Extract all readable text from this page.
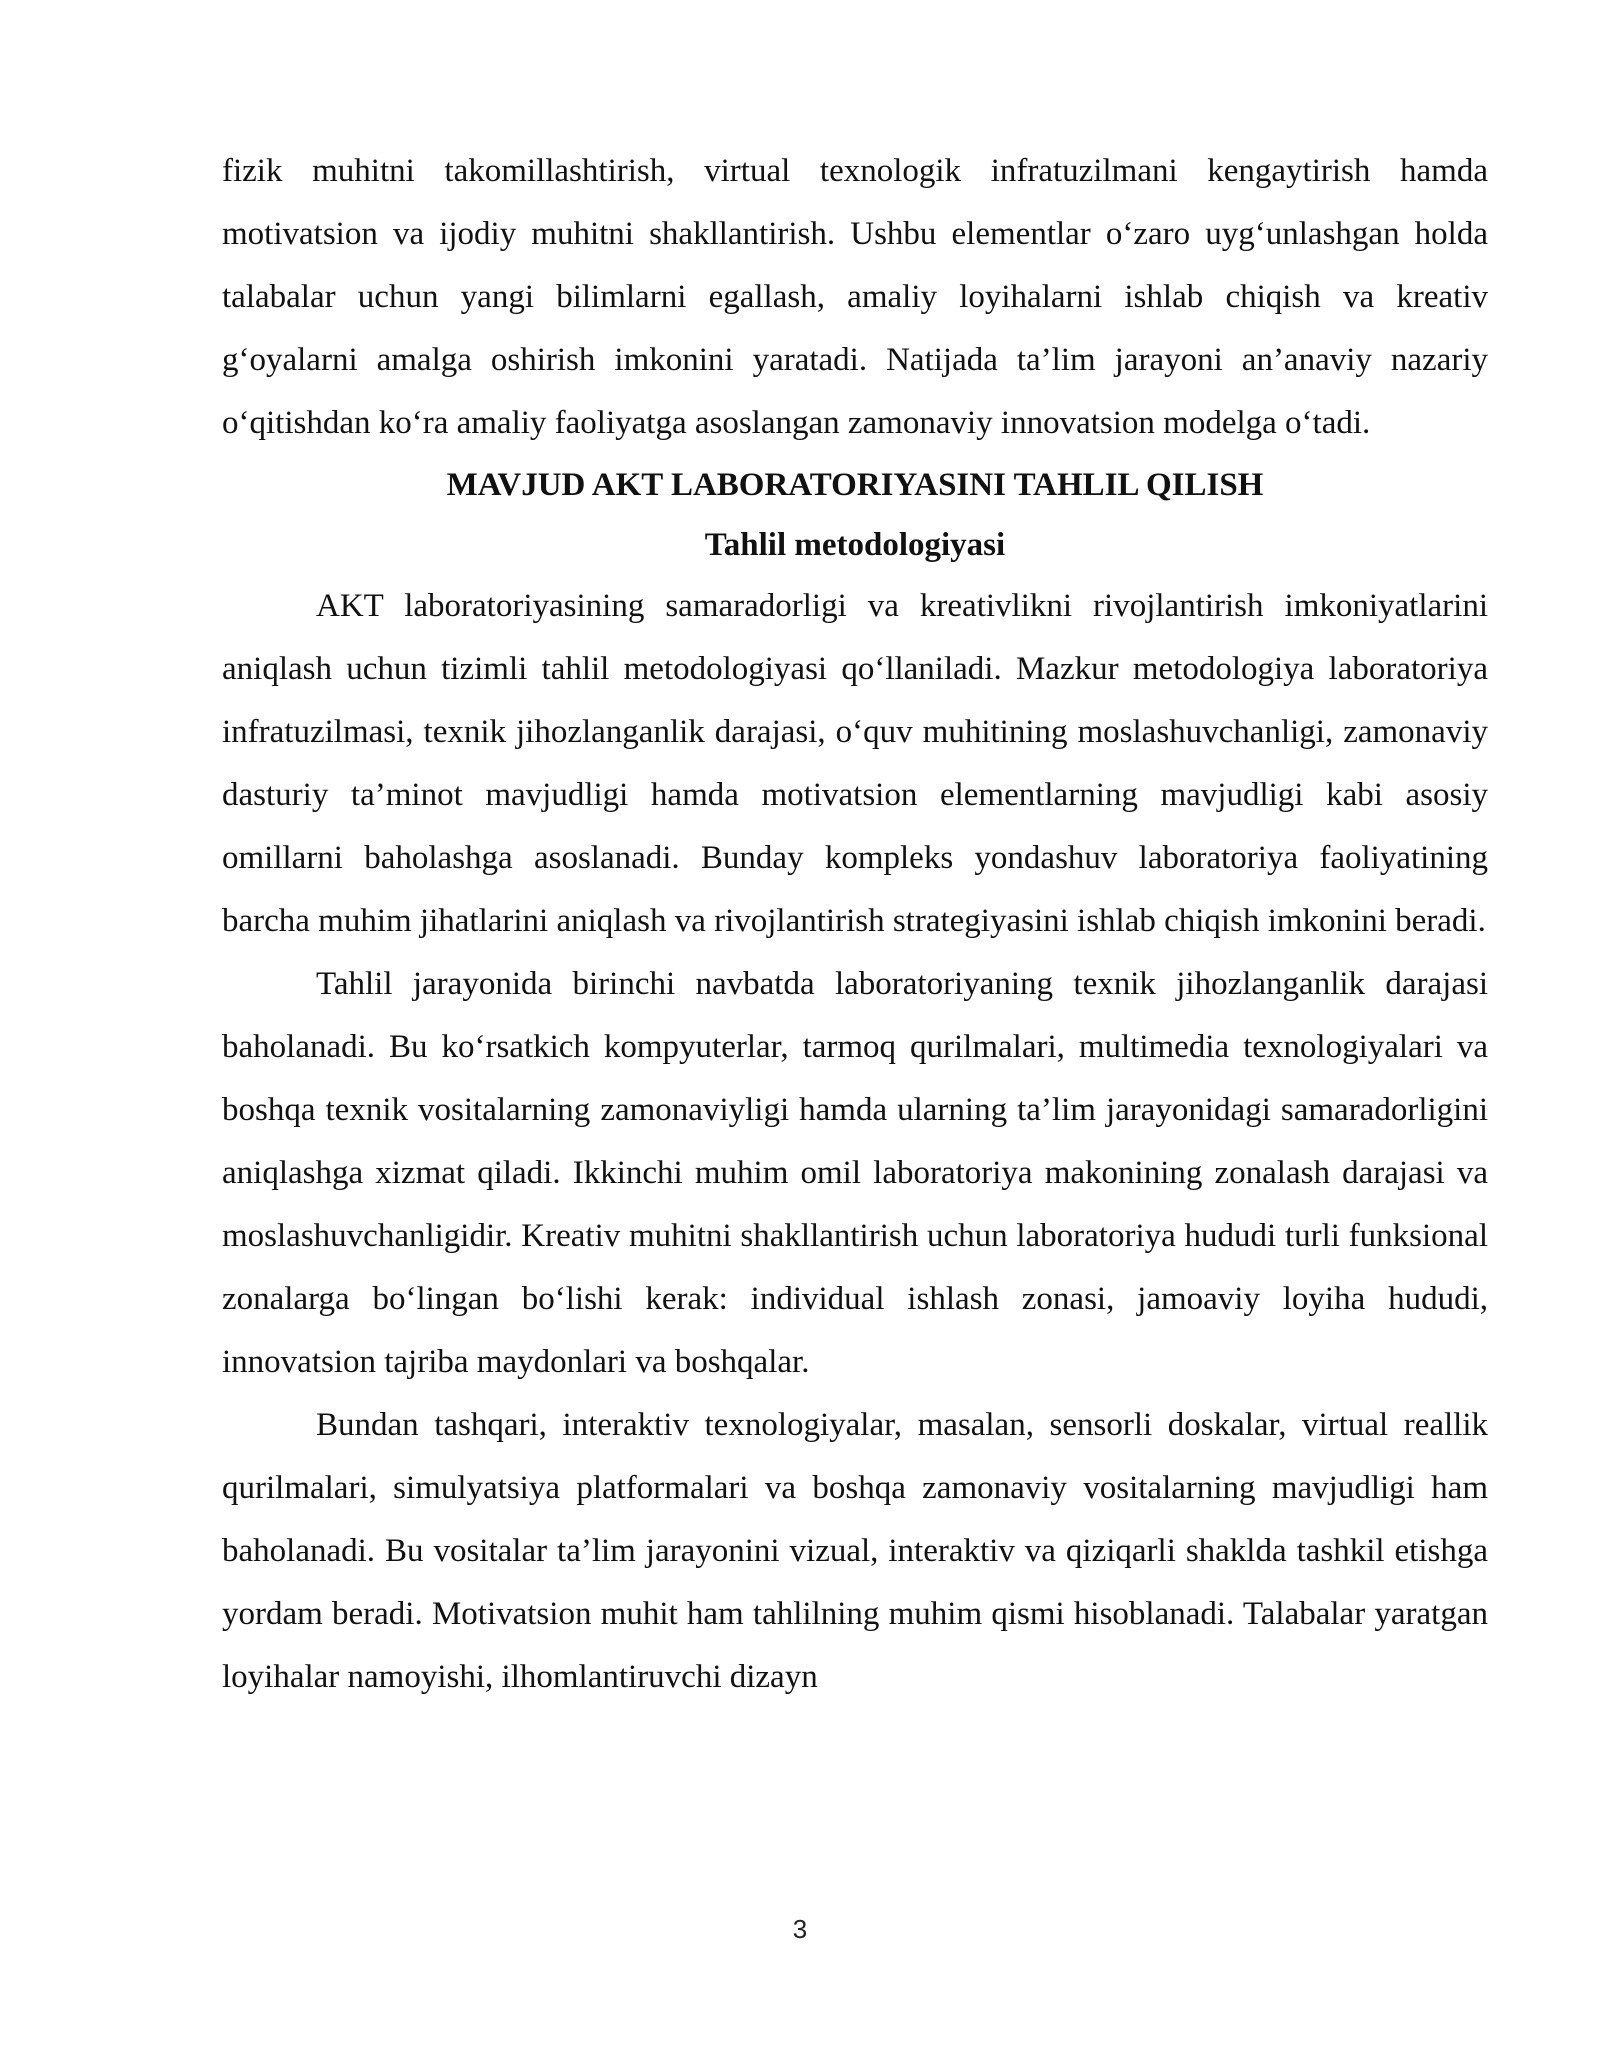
fizik muhitni takomillashtirish, virtual texnologik infratuzilmani kengaytirish hamda motivatsion va ijodiy muhitni shakllantirish. Ushbu elementlar o‘zaro uyg‘unlashgan holda talabalar uchun yangi bilimlarni egallash, amaliy loyihalarni ishlab chiqish va kreativ g‘oyalarni amalga oshirish imkonini yaratadi. Natijada ta’lim jarayoni an’anaviy nazariy o‘qitishdan ko‘ra amaliy faoliyatga asoslangan zamonaviy innovatsion modelga o‘tadi.

MAVJUD AKT LABORATORIYASINI TAHLIL QILISH
Tahlil metodologiyasi

AKT laboratoriyasining samaradorligi va kreativlikni rivojlantirish imkoniyatlarini aniqlash uchun tizimli tahlil metodologiyasi qo‘llaniladi. Mazkur metodologiya laboratoriya infratuzilmasi, texnik jihozlanganlik darajasi, o‘quv muhitining moslashuvchanligi, zamonaviy dasturiy ta’minot mavjudligi hamda motivatsion elementlarning mavjudligi kabi asosiy omillarni baholashga asoslanadi. Bunday kompleks yondashuv laboratoriya faoliyatining barcha muhim jihatlarini aniqlash va rivojlantirish strategiyasini ishlab chiqish imkonini beradi.

Tahlil jarayonida birinchi navbatda laboratoriyaning texnik jihozlanganlik darajasi baholanadi. Bu ko‘rsatkich kompyuterlar, tarmoq qurilmalari, multimedia texnologiyalari va boshqa texnik vositalarning zamonaviyligi hamda ularning ta’lim jarayonidagi samaradorligini aniqlashga xizmat qiladi. Ikkinchi muhim omil laboratoriya makonining zonalash darajasi va moslashuvchanligidir. Kreativ muhitni shakllantirish uchun laboratoriya hududi turli funksional zonalarga bo‘lingan bo‘lishi kerak: individual ishlash zonasi, jamoaviy loyiha hududi, innovatsion tajriba maydonlari va boshqalar.

Bundan tashqari, interaktiv texnologiyalar, masalan, sensorli doskalar, virtual reallik qurilmalari, simulyatsiya platformalari va boshqa zamonaviy vositalarning mavjudligi ham baholanadi. Bu vositalar ta’lim jarayonini vizual, interaktiv va qiziqarli shaklda tashkil etishga yordam beradi. Motivatsion muhit ham tahlilning muhim qismi hisoblanadi. Talabalar yaratgan loyihalar namoyishi, ilhomlantiruvchi dizayn

3
